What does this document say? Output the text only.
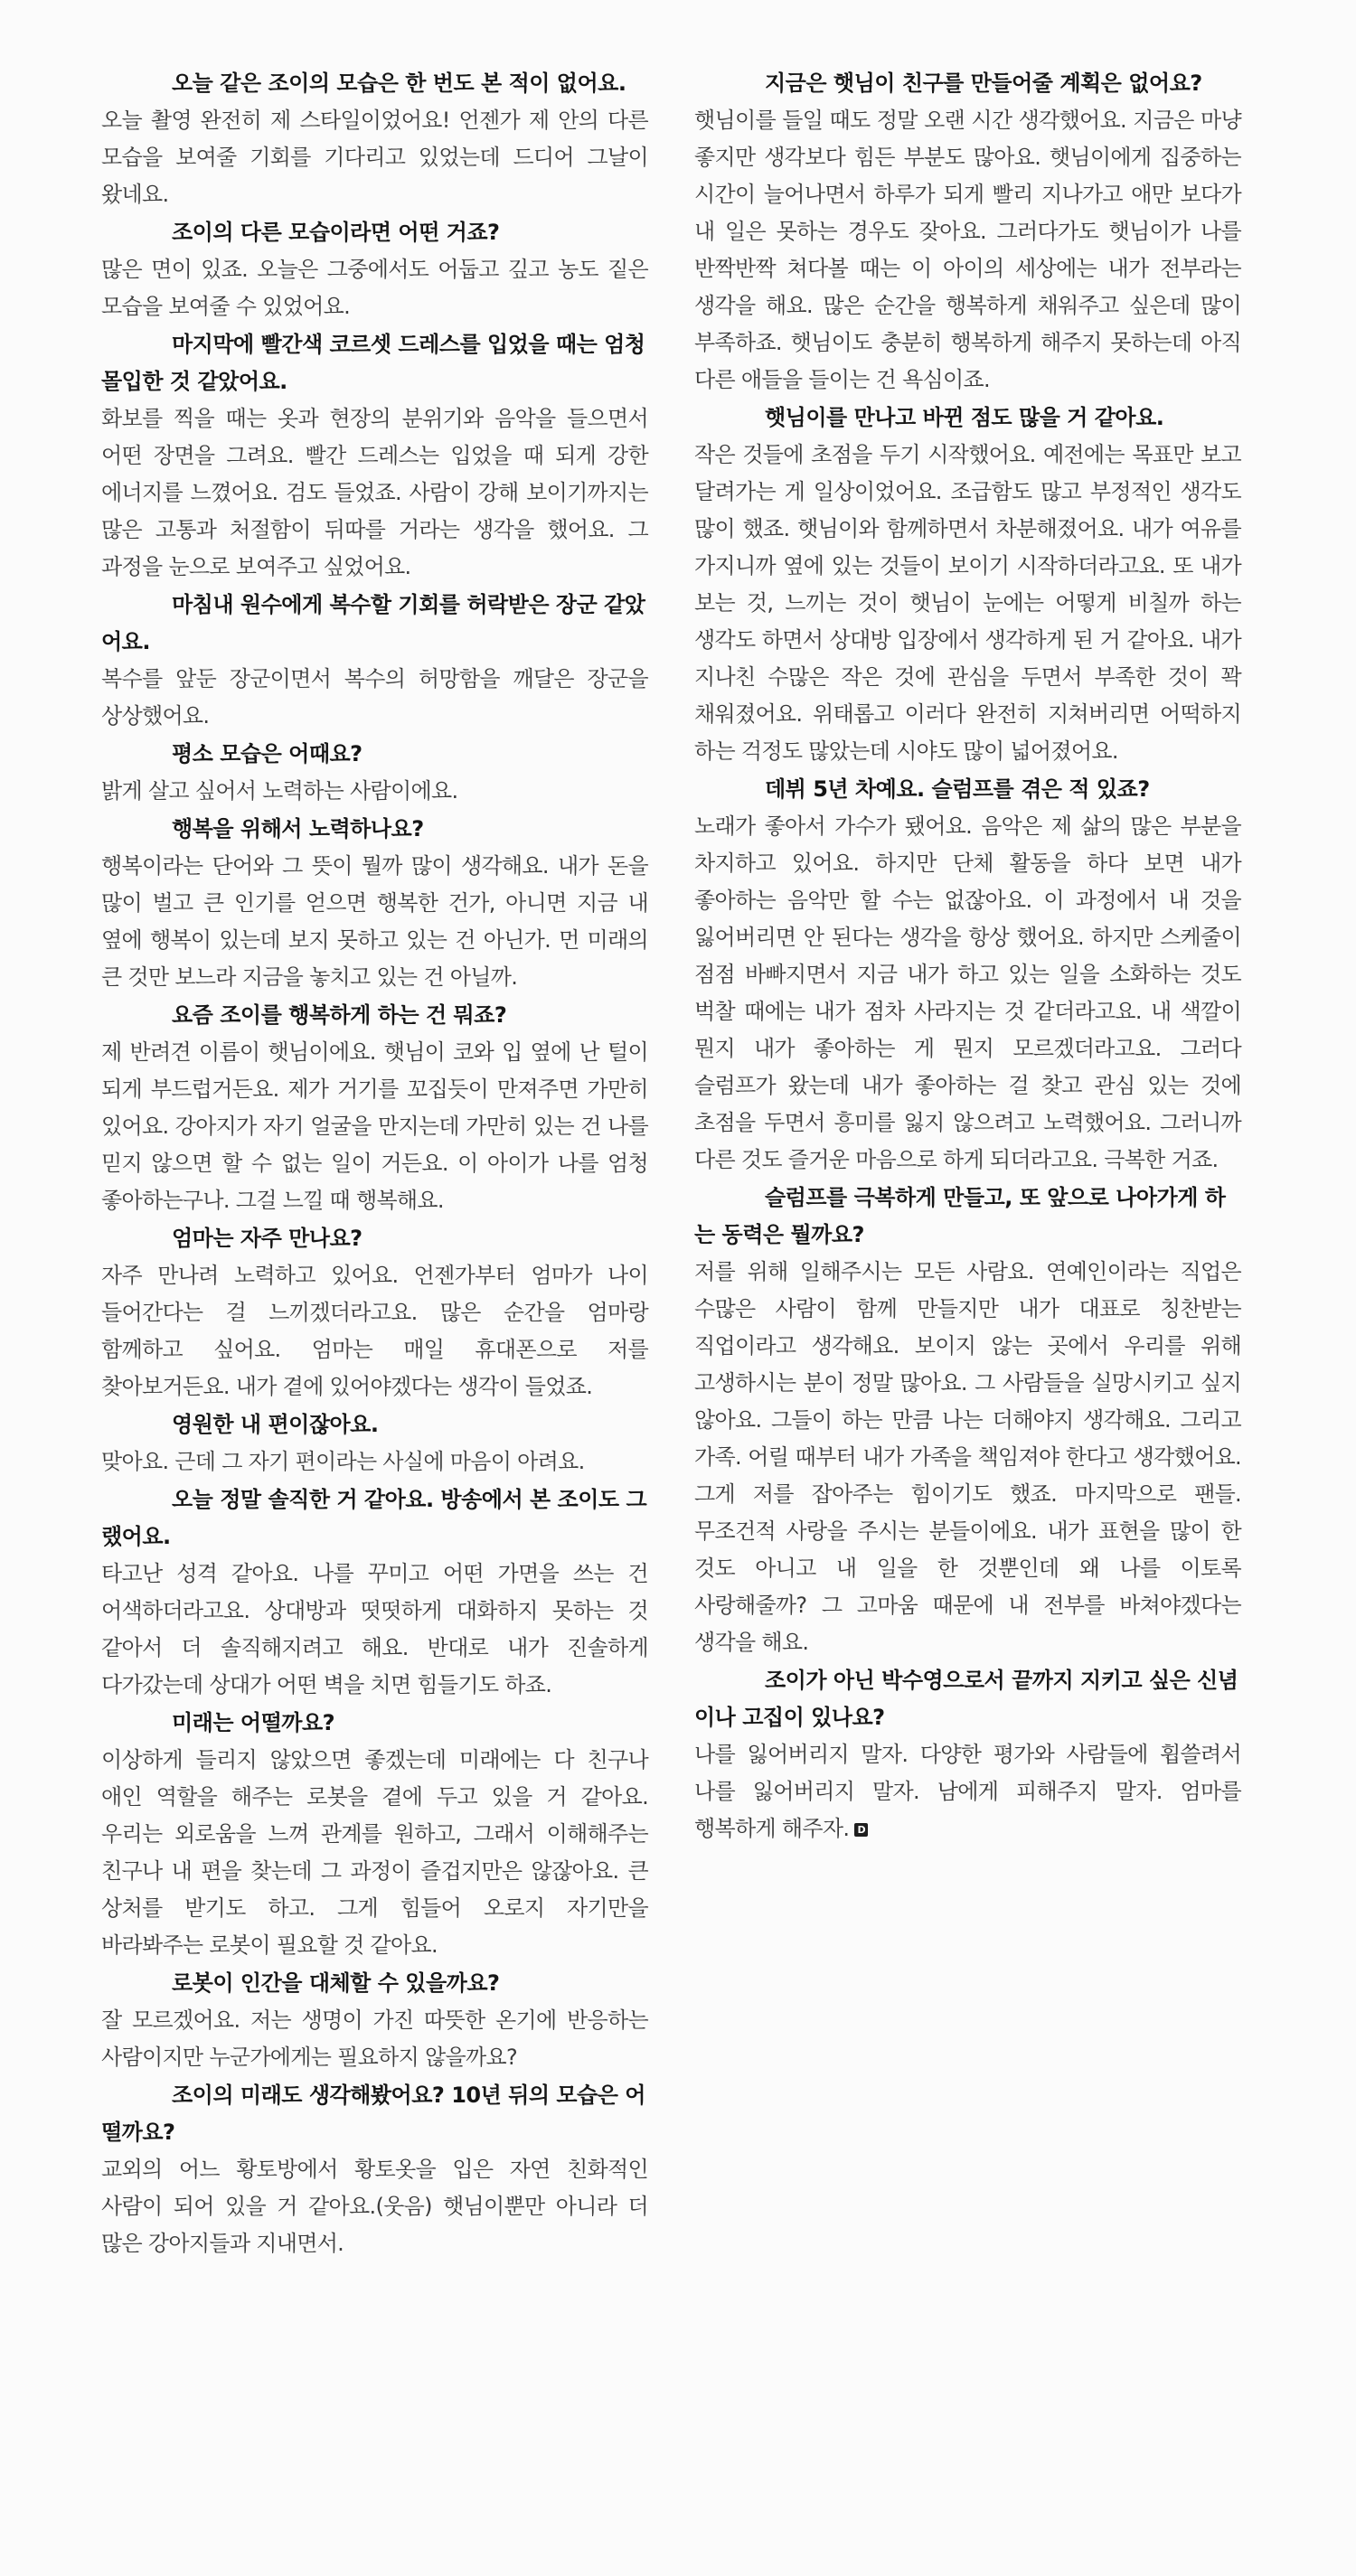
오늘 같은 조이의 모습은 한 번도 본 적이 없어요.

오늘 촬영 완전히 제 스타일이었어요! 언젠가 제 안의 다른 모습을 보여줄 기회를 기다리고 있었는데 드디어 그날이 왔네요.

조이의 다른 모습이라면 어떤 거죠?

많은 면이 있죠. 오늘은 그중에서도 어둡고 깊고 농도 짙은 모습을 보여줄 수 있었어요.

마지막에 빨간색 코르셋 드레스를 입었을 때는 엄청 몰입한 것 같았어요.

화보를 찍을 때는 옷과 현장의 분위기와 음악을 들으면서 어떤 장면을 그려요. 빨간 드레스는 입었을 때 되게 강한 에너지를 느꼈어요. 검도 들었죠. 사람이 강해 보이기까지는 많은 고통과 처절함이 뒤따를 거라는 생각을 했어요. 그 과정을 눈으로 보여주고 싶었어요.

마침내 원수에게 복수할 기회를 허락받은 장군 같았어요.

복수를 앞둔 장군이면서 복수의 허망함을 깨달은 장군을 상상했어요.

평소 모습은 어때요?

밝게 살고 싶어서 노력하는 사람이에요.

행복을 위해서 노력하나요?

행복이라는 단어와 그 뜻이 뭘까 많이 생각해요. 내가 돈을 많이 벌고 큰 인기를 얻으면 행복한 건가, 아니면 지금 내 옆에 행복이 있는데 보지 못하고 있는 건 아닌가. 먼 미래의 큰 것만 보느라 지금을 놓치고 있는 건 아닐까.

요즘 조이를 행복하게 하는 건 뭐죠?

제 반려견 이름이 햇님이에요. 햇님이 코와 입 옆에 난 털이 되게 부드럽거든요. 제가 거기를 꼬집듯이 만져주면 가만히 있어요. 강아지가 자기 얼굴을 만지는데 가만히 있는 건 나를 믿지 않으면 할 수 없는 일이 거든요. 이 아이가 나를 엄청 좋아하는구나. 그걸 느낄 때 행복해요.

엄마는 자주 만나요?

자주 만나려 노력하고 있어요. 언젠가부터 엄마가 나이 들어간다는 걸 느끼겠더라고요. 많은 순간을 엄마랑 함께하고 싶어요. 엄마는 매일 휴대폰으로 저를 찾아보거든요. 내가 곁에 있어야겠다는 생각이 들었죠.

영원한 내 편이잖아요.

맞아요. 근데 그 자기 편이라는 사실에 마음이 아려요.

오늘 정말 솔직한 거 같아요. 방송에서 본 조이도 그랬어요.

타고난 성격 같아요. 나를 꾸미고 어떤 가면을 쓰는 건 어색하더라고요. 상대방과 떳떳하게 대화하지 못하는 것 같아서 더 솔직해지려고 해요. 반대로 내가 진솔하게 다가갔는데 상대가 어떤 벽을 치면 힘들기도 하죠.

미래는 어떨까요?

이상하게 들리지 않았으면 좋겠는데 미래에는 다 친구나 애인 역할을 해주는 로봇을 곁에 두고 있을 거 같아요. 우리는 외로움을 느껴 관계를 원하고, 그래서 이해해주는 친구나 내 편을 찾는데 그 과정이 즐겁지만은 않잖아요. 큰 상처를 받기도 하고. 그게 힘들어 오로지 자기만을 바라봐주는 로봇이 필요할 것 같아요.

로봇이 인간을 대체할 수 있을까요?

잘 모르겠어요. 저는 생명이 가진 따뜻한 온기에 반응하는 사람이지만 누군가에게는 필요하지 않을까요?

조이의 미래도 생각해봤어요? 10년 뒤의 모습은 어떨까요?

교외의 어느 황토방에서 황토옷을 입은 자연 친화적인 사람이 되어 있을 거 같아요.(웃음) 햇님이뿐만 아니라 더 많은 강아지들과 지내면서.

지금은 햇님이 친구를 만들어줄 계획은 없어요?

햇님이를 들일 때도 정말 오랜 시간 생각했어요. 지금은 마냥 좋지만 생각보다 힘든 부분도 많아요. 햇님이에게 집중하는 시간이 늘어나면서 하루가 되게 빨리 지나가고 애만 보다가 내 일은 못하는 경우도 잦아요. 그러다가도 햇님이가 나를 반짝반짝 쳐다볼 때는 이 아이의 세상에는 내가 전부라는 생각을 해요. 많은 순간을 행복하게 채워주고 싶은데 많이 부족하죠. 햇님이도 충분히 행복하게 해주지 못하는데 아직 다른 애들을 들이는 건 욕심이죠.

햇님이를 만나고 바뀐 점도 많을 거 같아요.

작은 것들에 초점을 두기 시작했어요. 예전에는 목표만 보고 달려가는 게 일상이었어요. 조급함도 많고 부정적인 생각도 많이 했죠. 햇님이와 함께하면서 차분해졌어요. 내가 여유를 가지니까 옆에 있는 것들이 보이기 시작하더라고요. 또 내가 보는 것, 느끼는 것이 햇님이 눈에는 어떻게 비칠까 하는 생각도 하면서 상대방 입장에서 생각하게 된 거 같아요. 내가 지나친 수많은 작은 것에 관심을 두면서 부족한 것이 꽉 채워졌어요. 위태롭고 이러다 완전히 지쳐버리면 어떡하지 하는 걱정도 많았는데 시야도 많이 넓어졌어요.

데뷔 5년 차예요. 슬럼프를 겪은 적 있죠?

노래가 좋아서 가수가 됐어요. 음악은 제 삶의 많은 부분을 차지하고 있어요. 하지만 단체 활동을 하다 보면 내가 좋아하는 음악만 할 수는 없잖아요. 이 과정에서 내 것을 잃어버리면 안 된다는 생각을 항상 했어요. 하지만 스케줄이 점점 바빠지면서 지금 내가 하고 있는 일을 소화하는 것도 벅찰 때에는 내가 점차 사라지는 것 같더라고요. 내 색깔이 뭔지 내가 좋아하는 게 뭔지 모르겠더라고요. 그러다 슬럼프가 왔는데 내가 좋아하는 걸 찾고 관심 있는 것에 초점을 두면서 흥미를 잃지 않으려고 노력했어요. 그러니까 다른 것도 즐거운 마음으로 하게 되더라고요. 극복한 거죠.

슬럼프를 극복하게 만들고, 또 앞으로 나아가게 하는 동력은 뭘까요?

저를 위해 일해주시는 모든 사람요. 연예인이라는 직업은 수많은 사람이 함께 만들지만 내가 대표로 칭찬받는 직업이라고 생각해요. 보이지 않는 곳에서 우리를 위해 고생하시는 분이 정말 많아요. 그 사람들을 실망시키고 싶지 않아요. 그들이 하는 만큼 나는 더해야지 생각해요. 그리고 가족. 어릴 때부터 내가 가족을 책임져야 한다고 생각했어요. 그게 저를 잡아주는 힘이기도 했죠. 마지막으로 팬들. 무조건적 사랑을 주시는 분들이에요. 내가 표현을 많이 한 것도 아니고 내 일을 한 것뿐인데 왜 나를 이토록 사랑해줄까? 그 고마움 때문에 내 전부를 바쳐야겠다는 생각을 해요.

조이가 아닌 박수영으로서 끝까지 지키고 싶은 신념이나 고집이 있나요?

나를 잃어버리지 말자. 다양한 평가와 사람들에 휩쓸려서 나를 잃어버리지 말자. 남에게 피해주지 말자. 엄마를 행복하게 해주자.D
